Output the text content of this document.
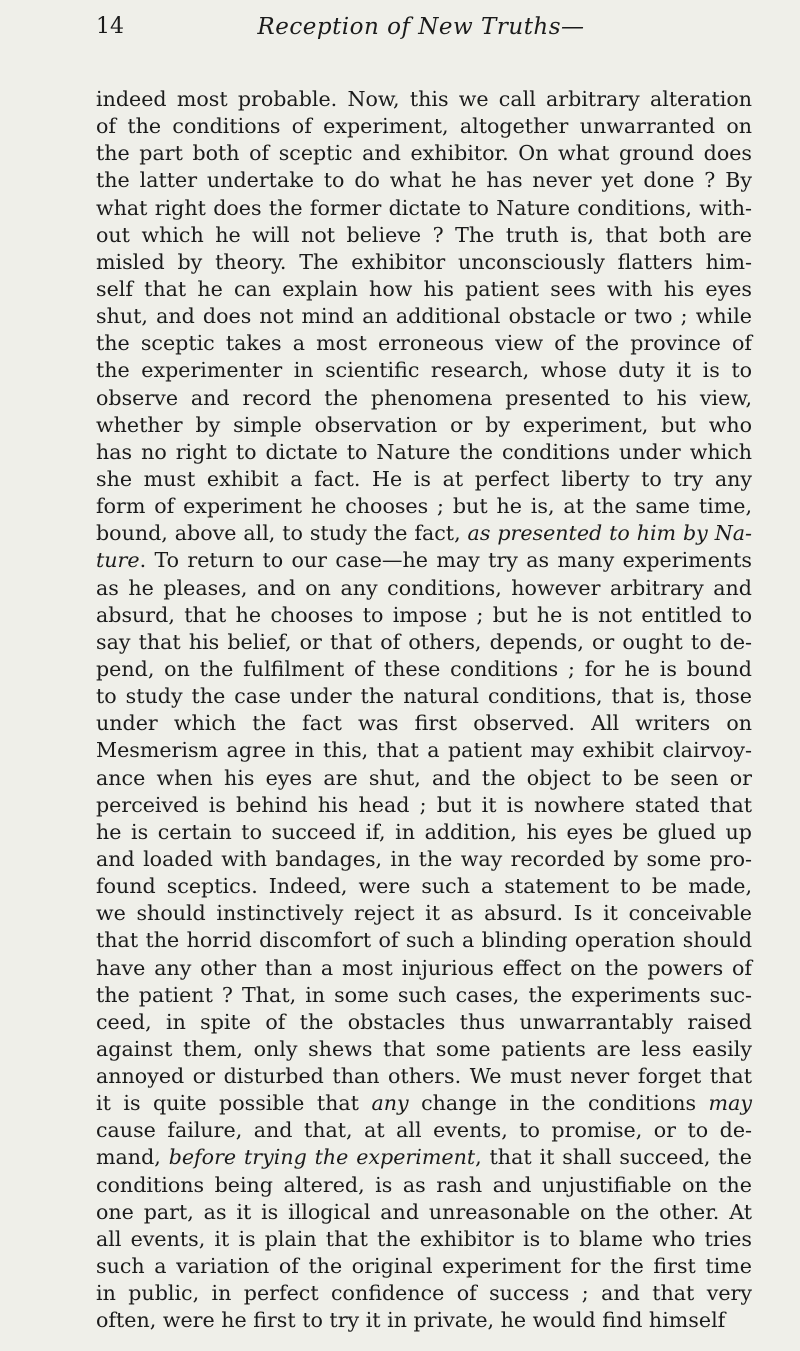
14	Reception of New Truths—
indeed most probable. Now, this we call arbitrary alteration
of the conditions of experiment, altogether unwarranted on
the part both of sceptic and exhibitor. On what ground does
the latter undertake to do what he has never yet done ? By
what right does the former dictate to Nature conditions, with-
out which he will not believe ? The truth is, that both are
misled by theory. The exhibitor unconsciously flatters him-
self that he can explain how his patient sees with his eyes
shut, and does not mind an additional obstacle or two ; while
the sceptic takes a most erroneous view of the province of
the experimenter in scientific research, whose duty it is to
observe and record the phenomena presented to his view,
whether by simple observation or by experiment, but who
has no right to dictate to Nature the conditions under which
she must exhibit a fact. He is at perfect liberty to try any
form of experiment he chooses ; but he is, at the same time,
bound, above all, to study the fact, as presented to him by Na-
ture. To return to our case—he may try as many experiments
as he pleases, and on any conditions, however arbitrary and
absurd, that he chooses to impose ; but he is not entitled to
say that his belief, or that of others, depends, or ought to de-
pend, on the fulfilment of these conditions ; for he is bound
to study the case under the natural conditions, that is, those
under which the fact was first observed. All writers on
Mesmerism agree in this, that a patient may exhibit clairvoy-
ance when his eyes are shut, and the object to be seen or
perceived is behind his head ; but it is nowhere stated that
he is certain to succeed if, in addition, his eyes be glued up
and loaded with bandages, in the way recorded by some pro-
found sceptics. Indeed, were such a statement to be made,
we should instinctively reject it as absurd. Is it conceivable
that the horrid discomfort of such a blinding operation should
have any other than a most injurious effect on the powers of
the patient ? That, in some such cases, the experiments suc-
ceed, in spite of the obstacles thus unwarrantably raised
against them, only shews that some patients are less easily
annoyed or disturbed than others. We must never forget that
it is quite possible that any change in the conditions may
cause failure, and that, at all events, to promise, or to de-
mand, before trying the experiment, that it shall succeed, the
conditions being altered, is as rash and unjustifiable on the
one part, as it is illogical and unreasonable on the other. At
all events, it is plain that the exhibitor is to blame who tries
such a variation of the original experiment for the first time
in public, in perfect confidence of success ; and that very
often, were he first to try it in private, he would find himself
